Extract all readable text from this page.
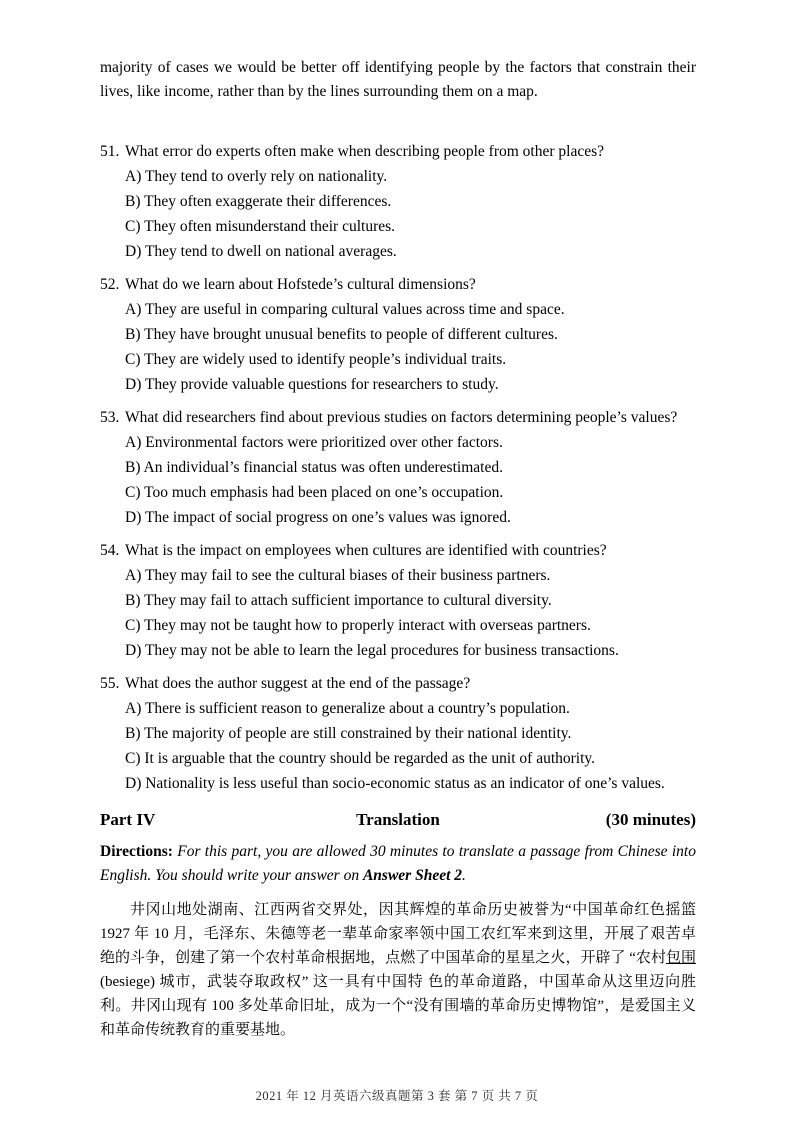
majority of cases we would be better off identifying people by the factors that constrain their lives, like income, rather than by the lines surrounding them on a map.

51. What error do experts often make when describing people from other places?
A) They tend to overly rely on nationality.
B) They often exaggerate their differences.
C) They often misunderstand their cultures.
D) They tend to dwell on national averages.
52. What do we learn about Hofstede’s cultural dimensions?
A) They are useful in comparing cultural values across time and space.
B) They have brought unusual benefits to people of different cultures.
C) They are widely used to identify people’s individual traits.
D) They provide valuable questions for researchers to study.
53. What did researchers find about previous studies on factors determining people’s values?
A) Environmental factors were prioritized over other factors.
B) An individual’s financial status was often underestimated.
C) Too much emphasis had been placed on one’s occupation.
D) The impact of social progress on one’s values was ignored.
54. What is the impact on employees when cultures are identified with countries?
A) They may fail to see the cultural biases of their business partners.
B) They may fail to attach sufficient importance to cultural diversity.
C) They may not be taught how to properly interact with overseas partners.
D) They may not be able to learn the legal procedures for business transactions.
55. What does the author suggest at the end of the passage?
A) There is sufficient reason to generalize about a country’s population.
B) The majority of people are still constrained by their national identity.
C) It is arguable that the country should be regarded as the unit of authority.
D) Nationality is less useful than socio-economic status as an indicator of one’s values.
Part IV	Translation	(30 minutes)

Directions: For this part, you are allowed 30 minutes to translate a passage from Chinese into English. You should write your answer on Answer Sheet 2.

井冈山地处湖南、江西两省交界处，因其辉煌的革命历史被誉为“中国革命红色摇篮 1927 年 10 月，毛泽东、朱德等老一辈革命家率领中国工农红军来到这里，开展了艰苦卓绝的斗争，创建了第一个农村革命根据地，点燃了中国革命的星星之火，开辟了 “农村包围 (besiege) 城市，武装夺取政权” 这一具有中国特 色的革命道路，中国革命从这里迈向胜利。井冈山现有 100 多处革命旧址，成为一个“没有围墙的革命历史博物馆”，是爱国主义和革命传统教育的重要基地。

2021 年 12 月英语六级真题第 3 套 第 7 页 共 7 页
